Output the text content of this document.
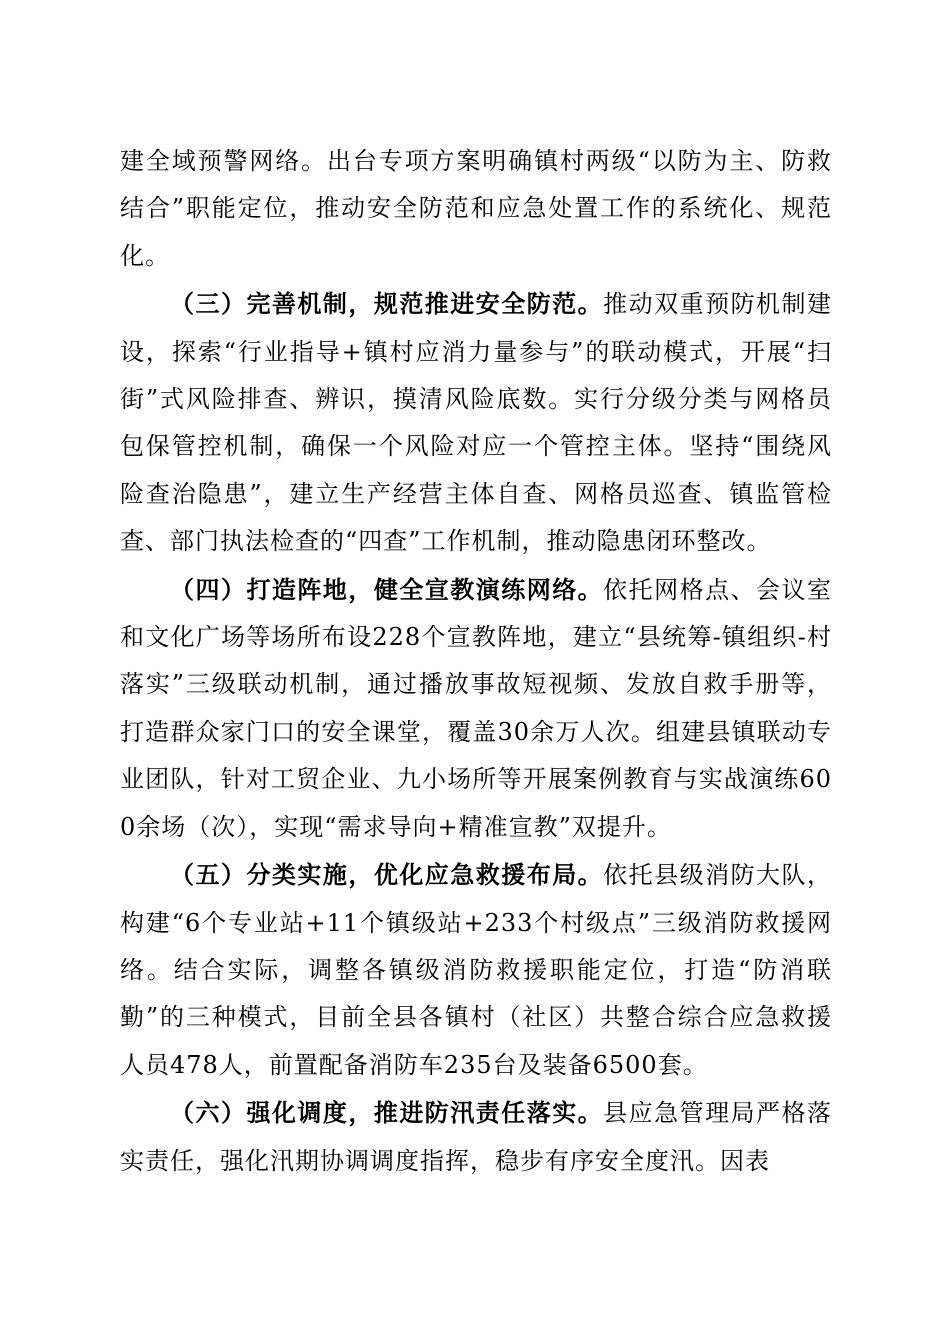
建全域预警网络。出台专项方案明确镇村两级“以防为主、防救结合”职能定位，推动安全防范和应急处置工作的系统化、规范化。

（三）完善机制，规范推进安全防范。推动双重预防机制建设，探索“行业指导+镇村应消力量参与”的联动模式，开展“扫街”式风险排查、辨识，摸清风险底数。实行分级分类与网格员包保管控机制，确保一个风险对应一个管控主体。坚持“围绕风险查治隐患”，建立生产经营主体自查、网格员巡查、镇监管检查、部门执法检查的“四查”工作机制，推动隐患闭环整改。

（四）打造阵地，健全宣教演练网络。依托网格点、会议室和文化广场等场所布设228个宣教阵地，建立“县统筹-镇组织-村落实”三级联动机制，通过播放事故短视频、发放自救手册等，打造群众家门口的安全课堂，覆盖30余万人次。组建县镇联动专业团队，针对工贸企业、九小场所等开展案例教育与实战演练600余场（次），实现“需求导向+精准宣教”双提升。

（五）分类实施，优化应急救援布局。依托县级消防大队，构建“6个专业站+11个镇级站+233个村级点”三级消防救援网络。结合实际，调整各镇级消防救援职能定位，打造“防消联勤”的三种模式，目前全县各镇村（社区）共整合综合应急救援人员478人，前置配备消防车235台及装备6500套。

（六）强化调度，推进防汛责任落实。县应急管理局严格落实责任，强化汛期协调调度指挥，稳步有序安全度汛。因表
